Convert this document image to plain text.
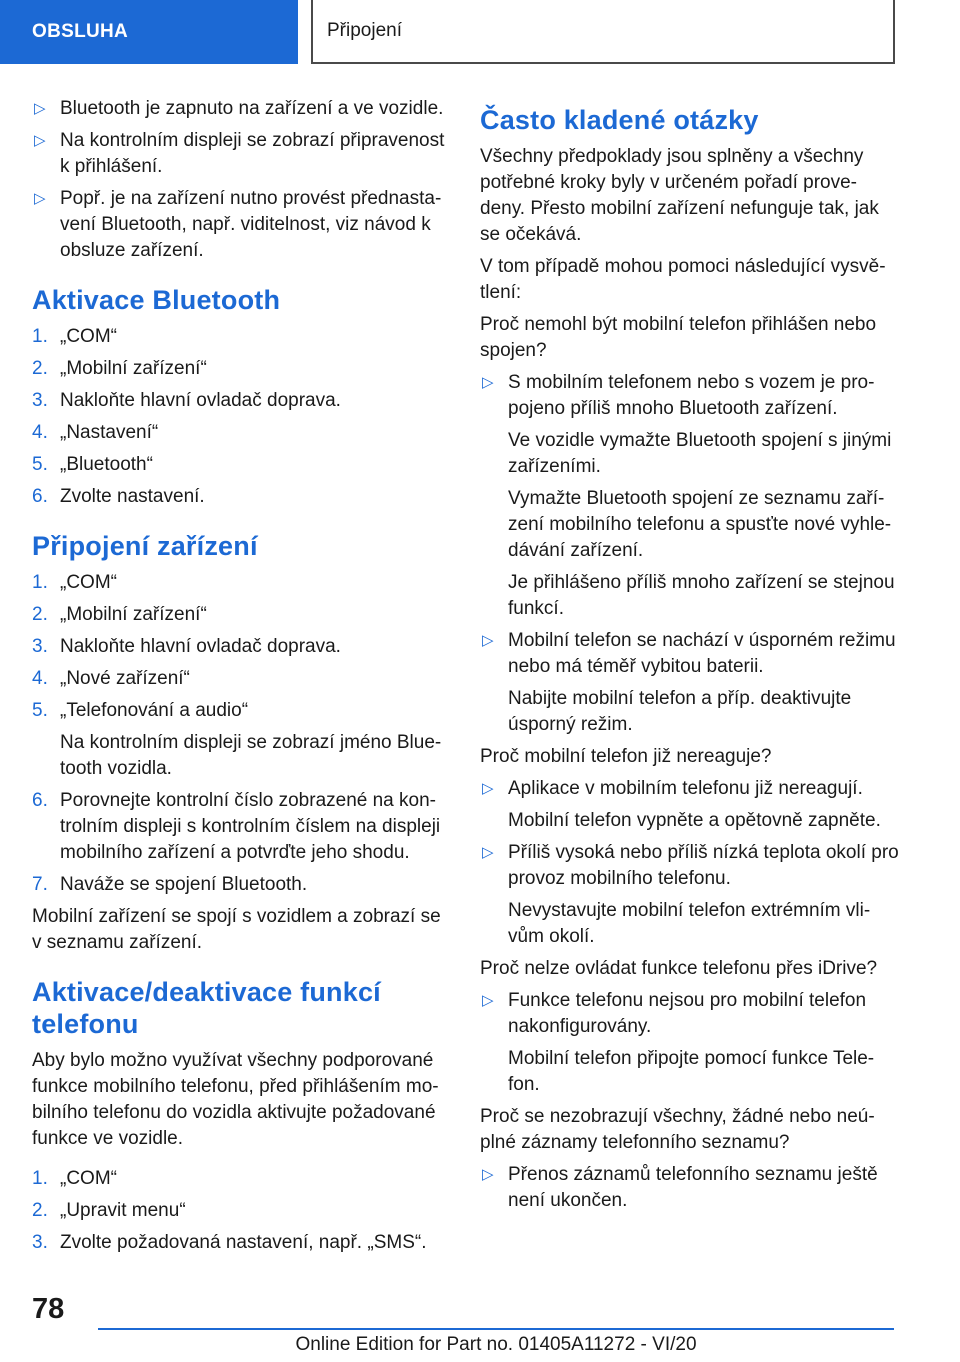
OBSLUHA	Připojení
▷ Bluetooth je zapnuto na zařízení a ve vozidle.
▷ Na kontrolním displeji se zobrazí připravenost k přihlášení.
▷ Popř. je na zařízení nutno provést přednasta‐vení Bluetooth, např. viditelnost, viz návod k obsluze zařízení.
Aktivace Bluetooth
1. „COM“
2. „Mobilní zařízení“
3. Nakloňte hlavní ovladač doprava.
4. „Nastavení“
5. „Bluetooth“
6. Zvolte nastavení.
Připojení zařízení
1. „COM“
2. „Mobilní zařízení“
3. Nakloňte hlavní ovladač doprava.
4. „Nové zařízení“
5. „Telefonování a audio“

Na kontrolním displeji se zobrazí jméno Blue‐tooth vozidla.

6. Porovnejte kontrolní číslo zobrazené na kon‐trolním displeji s kontrolním číslem na displeji mobilního zařízení a potvrďte jeho shodu.
7. Naváže se spojení Bluetooth.

Mobilní zařízení se spojí s vozidlem a zobrazí se v seznamu zařízení.

Aktivace/deaktivace funkcí telefonu

Aby bylo možno využívat všechny podporované funkce mobilního telefonu, před přihlášením mo‐bilního telefonu do vozidla aktivujte požadované funkce ve vozidle.

1. „COM“
2. „Upravit menu“
3. Zvolte požadovaná nastavení, např. „SMS“.
Často kladené otázky

Všechny předpoklady jsou splněny a všechny potřebné kroky byly v určeném pořadí prove‐deny. Přesto mobilní zařízení nefunguje tak, jak se očekává.

V tom případě mohou pomoci následující vysvě‐tlení:

Proč nemohl být mobilní telefon přihlášen nebo spojen?

▷ S mobilním telefonem nebo s vozem je pro‐pojeno příliš mnoho Bluetooth zařízení.

Ve vozidle vymažte Bluetooth spojení s jinými zařízeními.

Vymažte Bluetooth spojení ze seznamu zaří‐zení mobilního telefonu a spusťte nové vyhle‐dávání zařízení.

Je přihlášeno příliš mnoho zařízení se stejnou funkcí.

▷ Mobilní telefon se nachází v úsporném režimu nebo má téměř vybitou baterii.

Nabijte mobilní telefon a příp. deaktivujte úsporný režim.

Proč mobilní telefon již nereaguje?

▷ Aplikace v mobilním telefonu již nereagují.

Mobilní telefon vypněte a opětovně zapněte.

▷ Příliš vysoká nebo příliš nízká teplota okolí pro provoz mobilního telefonu.

Nevystavujte mobilní telefon extrémním vli‐vům okolí.

Proč nelze ovládat funkce telefonu přes iDrive?

▷ Funkce telefonu nejsou pro mobilní telefon nakonfigurovány.

Mobilní telefon připojte pomocí funkce Tele‐fon.

Proč se nezobrazují všechny, žádné nebo neú‐plné záznamy telefonního seznamu?

▷ Přenos záznamů telefonního seznamu ještě není ukončen.
78
Online Edition for Part no. 01405A11272 - VI/20
